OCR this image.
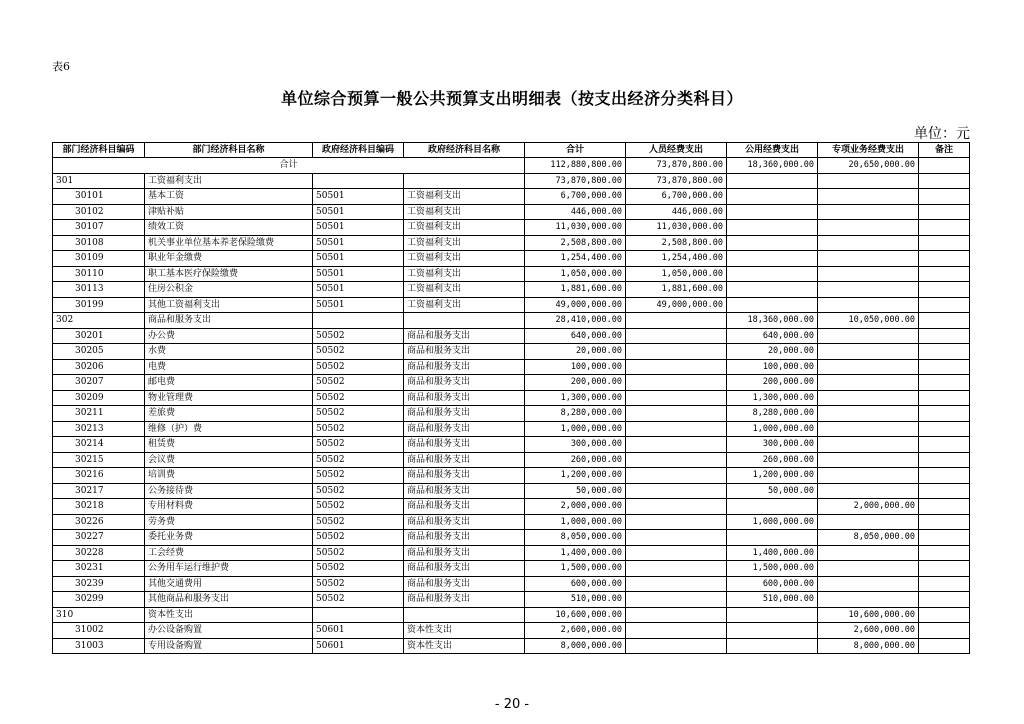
表6
单位综合预算一般公共预算支出明细表（按支出经济分类科目）
单位：元
部门经济科目编码	部门经济科目名称	政府经济科目编码	政府经济科目名称	合计	人员经费支出	公用经费支出	专项业务经费支出	备注
合计				112,880,800.00	73,870,800.00	18,360,000.00	20,650,000.00	
301	工资福利支出			73,870,800.00	73,870,800.00			
30101	基本工资	50501	工资福利支出	6,700,000.00	6,700,000.00			
30102	津贴补贴	50501	工资福利支出	446,000.00	446,000.00			
30107	绩效工资	50501	工资福利支出	11,030,000.00	11,030,000.00			
30108	机关事业单位基本养老保险缴费	50501	工资福利支出	2,508,800.00	2,508,800.00			
30109	职业年金缴费	50501	工资福利支出	1,254,400.00	1,254,400.00			
30110	职工基本医疗保险缴费	50501	工资福利支出	1,050,000.00	1,050,000.00			
30113	住房公积金	50501	工资福利支出	1,881,600.00	1,881,600.00			
30199	其他工资福利支出	50501	工资福利支出	49,000,000.00	49,000,000.00			
302	商品和服务支出			28,410,000.00		18,360,000.00	10,050,000.00	
30201	办公费	50502	商品和服务支出	640,000.00		640,000.00		
30205	水费	50502	商品和服务支出	20,000.00		20,000.00		
30206	电费	50502	商品和服务支出	100,000.00		100,000.00		
30207	邮电费	50502	商品和服务支出	200,000.00		200,000.00		
30209	物业管理费	50502	商品和服务支出	1,300,000.00		1,300,000.00		
30211	差旅费	50502	商品和服务支出	8,280,000.00		8,280,000.00		
30213	维修（护）费	50502	商品和服务支出	1,000,000.00		1,000,000.00		
30214	租赁费	50502	商品和服务支出	300,000.00		300,000.00		
30215	会议费	50502	商品和服务支出	260,000.00		260,000.00		
30216	培训费	50502	商品和服务支出	1,200,000.00		1,200,000.00		
30217	公务接待费	50502	商品和服务支出	50,000.00		50,000.00		
30218	专用材料费	50502	商品和服务支出	2,000,000.00			2,000,000.00	
30226	劳务费	50502	商品和服务支出	1,000,000.00		1,000,000.00		
30227	委托业务费	50502	商品和服务支出	8,050,000.00			8,050,000.00	
30228	工会经费	50502	商品和服务支出	1,400,000.00		1,400,000.00		
30231	公务用车运行维护费	50502	商品和服务支出	1,500,000.00		1,500,000.00		
30239	其他交通费用	50502	商品和服务支出	600,000.00		600,000.00		
30299	其他商品和服务支出	50502	商品和服务支出	510,000.00		510,000.00		
310	资本性支出			10,600,000.00			10,600,000.00	
31002	办公设备购置	50601	资本性支出	2,600,000.00			2,600,000.00	
31003	专用设备购置	50601	资本性支出	8,000,000.00			8,000,000.00	
- 20 -
